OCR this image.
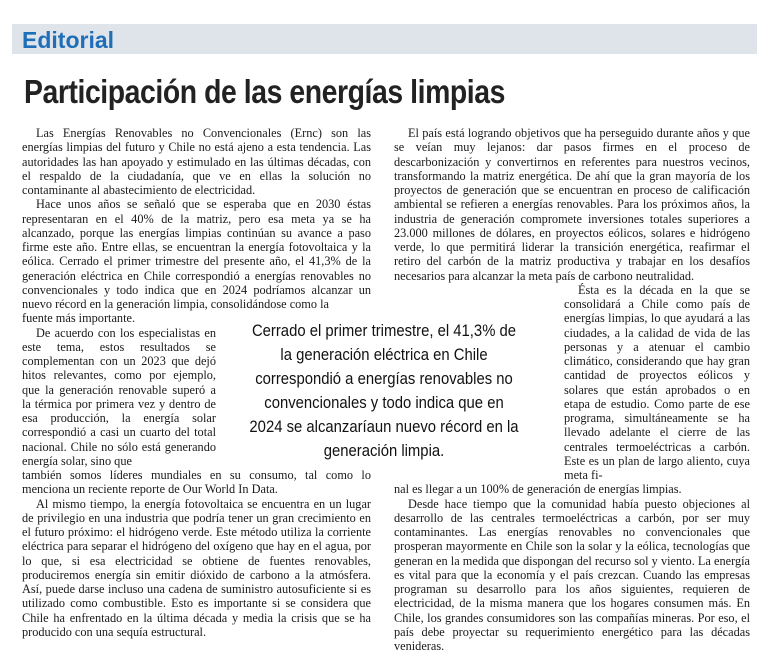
Editorial
Participación de las energías limpias

Las Energías Renovables no Convencionales (Ernc) son las energías limpias del futuro y Chile no está ajeno a esta tendencia. Las autoridades las han apoyado y estimulado en las últimas décadas, con el respaldo de la ciudadanía, que ve en ellas la solución no contaminante al abastecimiento de electricidad.

Hace unos años se señaló que se esperaba que en 2030 éstas representaran en el 40% de la matriz, pero esa meta ya se ha alcanzado, porque las energías limpias continúan su avance a paso firme este año. Entre ellas, se encuentran la energía fotovoltaica y la eólica. Cerrado el primer trimestre del presente año, el 41,3% de la generación eléctrica en Chile correspondió a energías renovables no convencionales y todo indica que en 2024 podríamos alcanzar un nuevo récord en la generación limpia, consolidándose como la

fuente más importante.

De acuerdo con los especialistas en este tema, estos resultados se complementan con un 2023 que dejó hitos relevantes, como por ejemplo, que la generación renovable superó a la térmica por primera vez y dentro de esa producción, la energía solar correspondió a casi un cuarto del total nacional. Chile no sólo está generando energía solar, sino que

también somos líderes mundiales en su consumo, tal como lo menciona un reciente reporte de Our World In Data.

Al mismo tiempo, la energía fotovoltaica se encuentra en un lugar de privilegio en una industria que podría tener un gran crecimiento en el futuro próximo: el hidrógeno verde. Este método utiliza la corriente eléctrica para separar el hidrógeno del oxígeno que hay en el agua, por lo que, si esa electricidad se obtiene de fuentes renovables, produciremos energía sin emitir dióxido de carbono a la atmósfera. Así, puede darse incluso una cadena de suministro autosuficiente si es utilizado como combustible. Esto es importante si se considera que Chile ha enfrentado en la última década y media la crisis que se ha producido con una sequía estructural.

El país está logrando objetivos que ha perseguido durante años y que se veían muy lejanos: dar pasos firmes en el proceso de descarbonización y convertirnos en referentes para nuestros vecinos, transformando la matriz energética. De ahí que la gran mayoría de los proyectos de generación que se encuentran en proceso de calificación ambiental se refieren a energías renovables. Para los próximos años, la industria de generación compromete inversiones totales superiores a 23.000 millones de dólares, en proyectos eólicos, solares e hidrógeno verde, lo que permitirá liderar la transición energética, reafirmar el retiro del carbón de la matriz productiva y trabajar en los desafíos necesarios para alcanzar la meta país de carbono neutralidad.

Ésta es la década en la que se consolidará a Chile como país de energías limpias, lo que ayudará a las ciudades, a la calidad de vida de las personas y a atenuar el cambio climático, considerando que hay gran cantidad de proyectos eólicos y solares que están aprobados o en etapa de estudio. Como parte de ese programa, simultáneamente se ha llevado adelante el cierre de las centrales termoeléctricas a carbón. Este es un plan de largo aliento, cuya meta fi-

nal es llegar a un 100% de generación de energías limpias.

Desde hace tiempo que la comunidad había puesto objeciones al desarrollo de las centrales termoeléctricas a carbón, por ser muy contaminantes. Las energías renovables no convencionales que prosperan mayormente en Chile son la solar y la eólica, tecnologías que generan en la medida que dispongan del recurso sol y viento. La energía es vital para que la economía y el país crezcan. Cuando las empresas programan su desarrollo para los años siguientes, requieren de electricidad, de la misma manera que los hogares consumen más. En Chile, los grandes consumidores son las compañías mineras. Por eso, el país debe proyectar su requerimiento energético para las décadas venideras.

Cerrado el primer trimestre, el 41,3% de la generación eléctrica en Chile correspondió a energías renovables no convencionales y todo indica que en 2024 se alcanzaríaun nuevo récord en la generación limpia.
